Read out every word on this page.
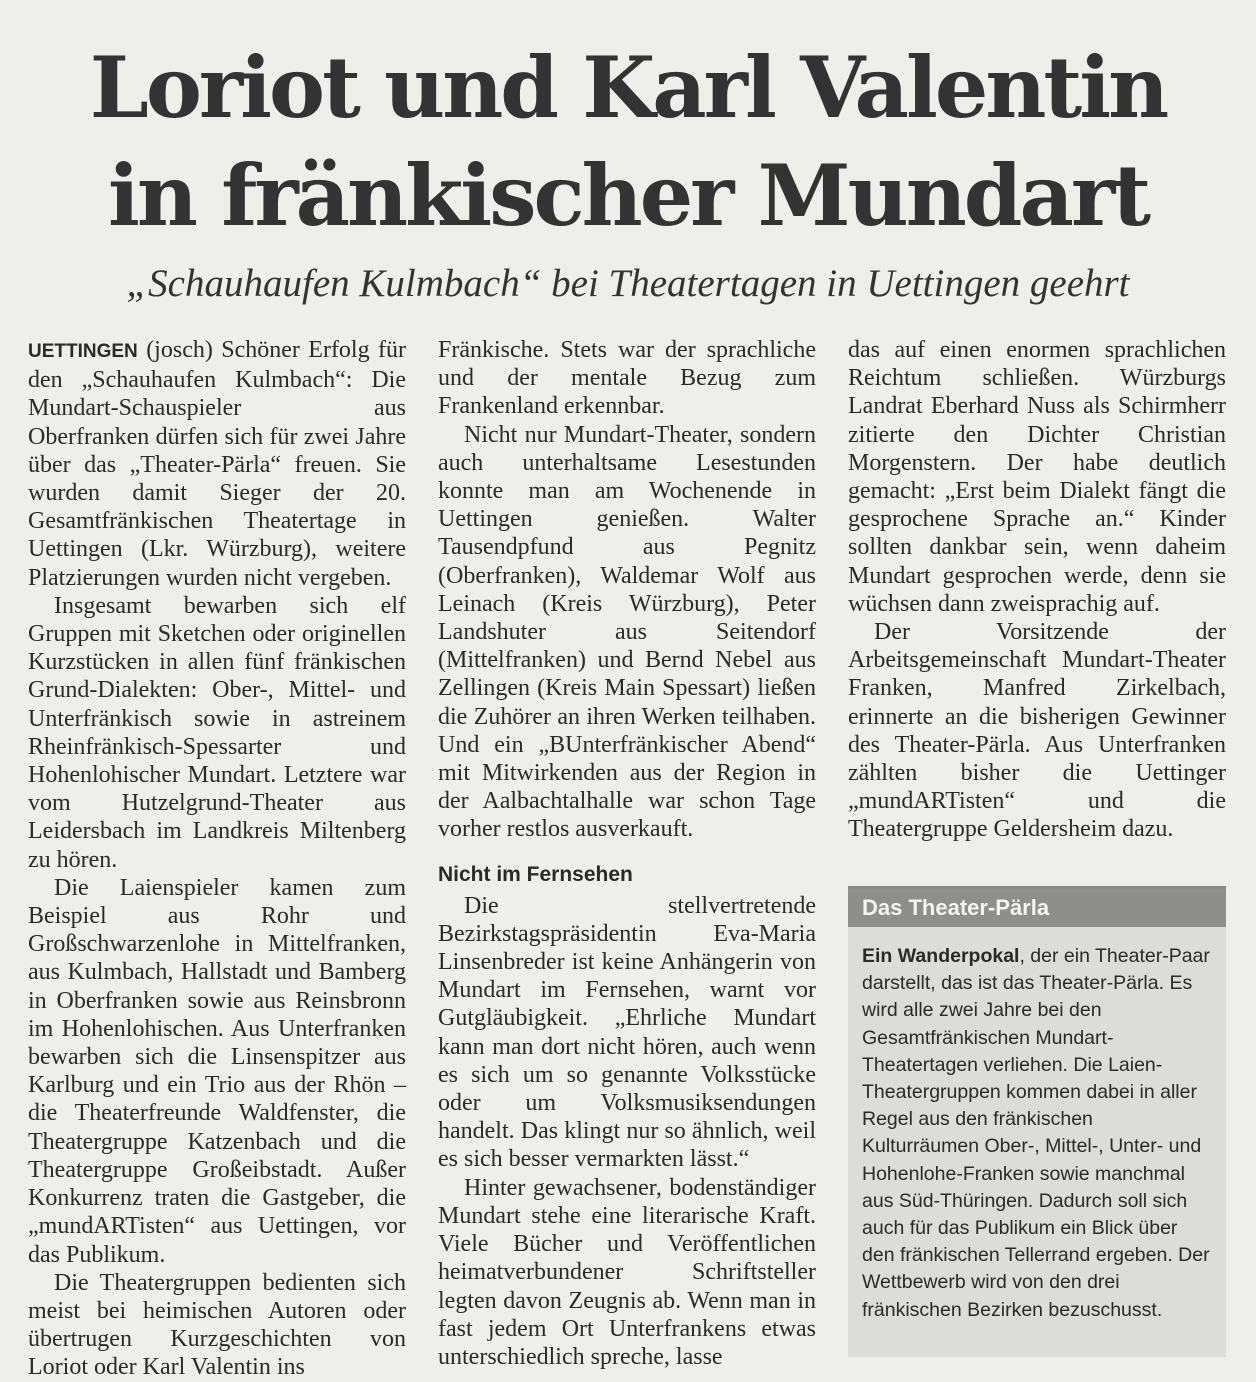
Loriot und Karl Valentin
in fränkischer Mundart
„Schauhaufen Kulmbach“ bei Theatertagen in Uettingen geehrt

UETTINGEN (josch) Schöner Erfolg für den „Schauhaufen Kulmbach“: Die Mundart-Schauspieler aus Oberfranken dürfen sich für zwei Jahre über das „Theater-Pärla“ freuen. Sie wurden damit Sieger der 20. Gesamtfränkischen Theatertage in Uettingen (Lkr. Würzburg), weitere Platzierungen wurden nicht vergeben.

Insgesamt bewarben sich elf Gruppen mit Sketchen oder originellen Kurzstücken in allen fünf fränkischen Grund-Dialekten: Ober-, Mittel- und Unterfränkisch sowie in astreinem Rheinfränkisch-Spessarter und Hohenlohischer Mundart. Letztere war vom Hutzelgrund-Theater aus Leidersbach im Landkreis Miltenberg zu hören.

Die Laienspieler kamen zum Beispiel aus Rohr und Großschwarzenlohe in Mittelfranken, aus Kulmbach, Hallstadt und Bamberg in Oberfranken sowie aus Reinsbronn im Hohenlohischen. Aus Unterfranken bewarben sich die Linsenspitzer aus Karlburg und ein Trio aus der Rhön – die Theaterfreunde Waldfenster, die Theatergruppe Katzenbach und die Theatergruppe Großeibstadt. Außer Konkurrenz traten die Gastgeber, die „mundARTisten“ aus Uettingen, vor das Publikum.

Die Theatergruppen bedienten sich meist bei heimischen Autoren oder übertrugen Kurzgeschichten von Loriot oder Karl Valentin ins

Fränkische. Stets war der sprachliche und der mentale Bezug zum Frankenland erkennbar.

Nicht nur Mundart-Theater, sondern auch unterhaltsame Lesestunden konnte man am Wochenende in Uettingen genießen. Walter Tausendpfund aus Pegnitz (Oberfranken), Waldemar Wolf aus Leinach (Kreis Würzburg), Peter Landshuter aus Seitendorf (Mittelfranken) und Bernd Nebel aus Zellingen (Kreis Main Spessart) ließen die Zuhörer an ihren Werken teilhaben. Und ein „BUnterfränkischer Abend“ mit Mitwirkenden aus der Region in der Aalbachtalhalle war schon Tage vorher restlos ausverkauft.

Nicht im Fernsehen

Die stellvertretende Bezirkstagspräsidentin Eva-Maria Linsenbreder ist keine Anhängerin von Mundart im Fernsehen, warnt vor Gutgläubigkeit. „Ehrliche Mundart kann man dort nicht hören, auch wenn es sich um so genannte Volksstücke oder um Volksmusiksendungen handelt. Das klingt nur so ähnlich, weil es sich besser vermarkten lässt.“

Hinter gewachsener, bodenständiger Mundart stehe eine literarische Kraft. Viele Bücher und Veröffentlichen heimatverbundener Schriftsteller legten davon Zeugnis ab. Wenn man in fast jedem Ort Unterfrankens etwas unterschiedlich spreche, lasse

das auf einen enormen sprachlichen Reichtum schließen. Würzburgs Landrat Eberhard Nuss als Schirmherr zitierte den Dichter Christian Morgenstern. Der habe deutlich gemacht: „Erst beim Dialekt fängt die gesprochene Sprache an.“ Kinder sollten dankbar sein, wenn daheim Mundart gesprochen werde, denn sie wüchsen dann zweisprachig auf.

Der Vorsitzende der Arbeitsgemeinschaft Mundart-Theater Franken, Manfred Zirkelbach, erinnerte an die bisherigen Gewinner des Theater-Pärla. Aus Unterfranken zählten bisher die Uettinger „mundARTisten“ und die Theatergruppe Geldersheim dazu.

Das Theater-Pärla
Ein Wanderpokal, der ein Theater-Paar darstellt, das ist das Theater-Pärla. Es wird alle zwei Jahre bei den Gesamtfränkischen Mundart-Theatertagen verliehen. Die Laien-Theatergruppen kommen dabei in aller Regel aus den fränkischen Kulturräumen Ober-, Mittel-, Unter- und Hohenlohe-Franken sowie manchmal aus Süd-Thüringen. Dadurch soll sich auch für das Publikum ein Blick über den fränkischen Tellerrand ergeben. Der Wettbewerb wird von den drei fränkischen Bezirken bezuschusst.
